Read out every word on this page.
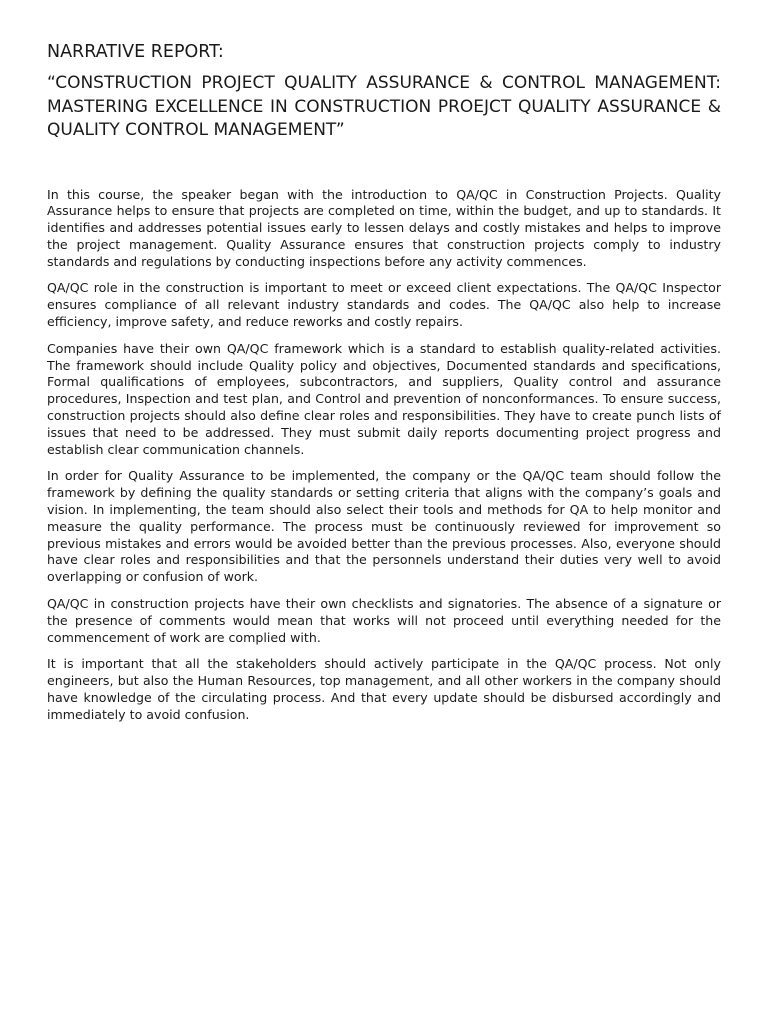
NARRATIVE REPORT:
“CONSTRUCTION PROJECT QUALITY ASSURANCE & CONTROL MANAGEMENT: MASTERING EXCELLENCE IN CONSTRUCTION PROEJCT QUALITY ASSURANCE & QUALITY CONTROL MANAGEMENT”

In this course, the speaker began with the introduction to QA/QC in Construction Projects. Quality Assurance helps to ensure that projects are completed on time, within the budget, and up to standards. It identifies and addresses potential issues early to lessen delays and costly mistakes and helps to improve the project management. Quality Assurance ensures that construction projects comply to industry standards and regulations by conducting inspections before any activity commences.

QA/QC role in the construction is important to meet or exceed client expectations. The QA/QC Inspector ensures compliance of all relevant industry standards and codes. The QA/QC also help to increase efficiency, improve safety, and reduce reworks and costly repairs.

Companies have their own QA/QC framework which is a standard to establish quality-related activities. The framework should include Quality policy and objectives, Documented standards and specifications, Formal qualifications of employees, subcontractors, and suppliers, Quality control and assurance procedures, Inspection and test plan, and Control and prevention of nonconformances. To ensure success, construction projects should also define clear roles and responsibilities. They have to create punch lists of issues that need to be addressed. They must submit daily reports documenting project progress and establish clear communication channels.

In order for Quality Assurance to be implemented, the company or the QA/QC team should follow the framework by defining the quality standards or setting criteria that aligns with the company’s goals and vision. In implementing, the team should also select their tools and methods for QA to help monitor and measure the quality performance. The process must be continuously reviewed for improvement so previous mistakes and errors would be avoided better than the previous processes. Also, everyone should have clear roles and responsibilities and that the personnels understand their duties very well to avoid overlapping or confusion of work.

QA/QC in construction projects have their own checklists and signatories. The absence of a signature or the presence of comments would mean that works will not proceed until everything needed for the commencement of work are complied with.

It is important that all the stakeholders should actively participate in the QA/QC process. Not only engineers, but also the Human Resources, top management, and all other workers in the company should have knowledge of the circulating process. And that every update should be disbursed accordingly and immediately to avoid confusion.
